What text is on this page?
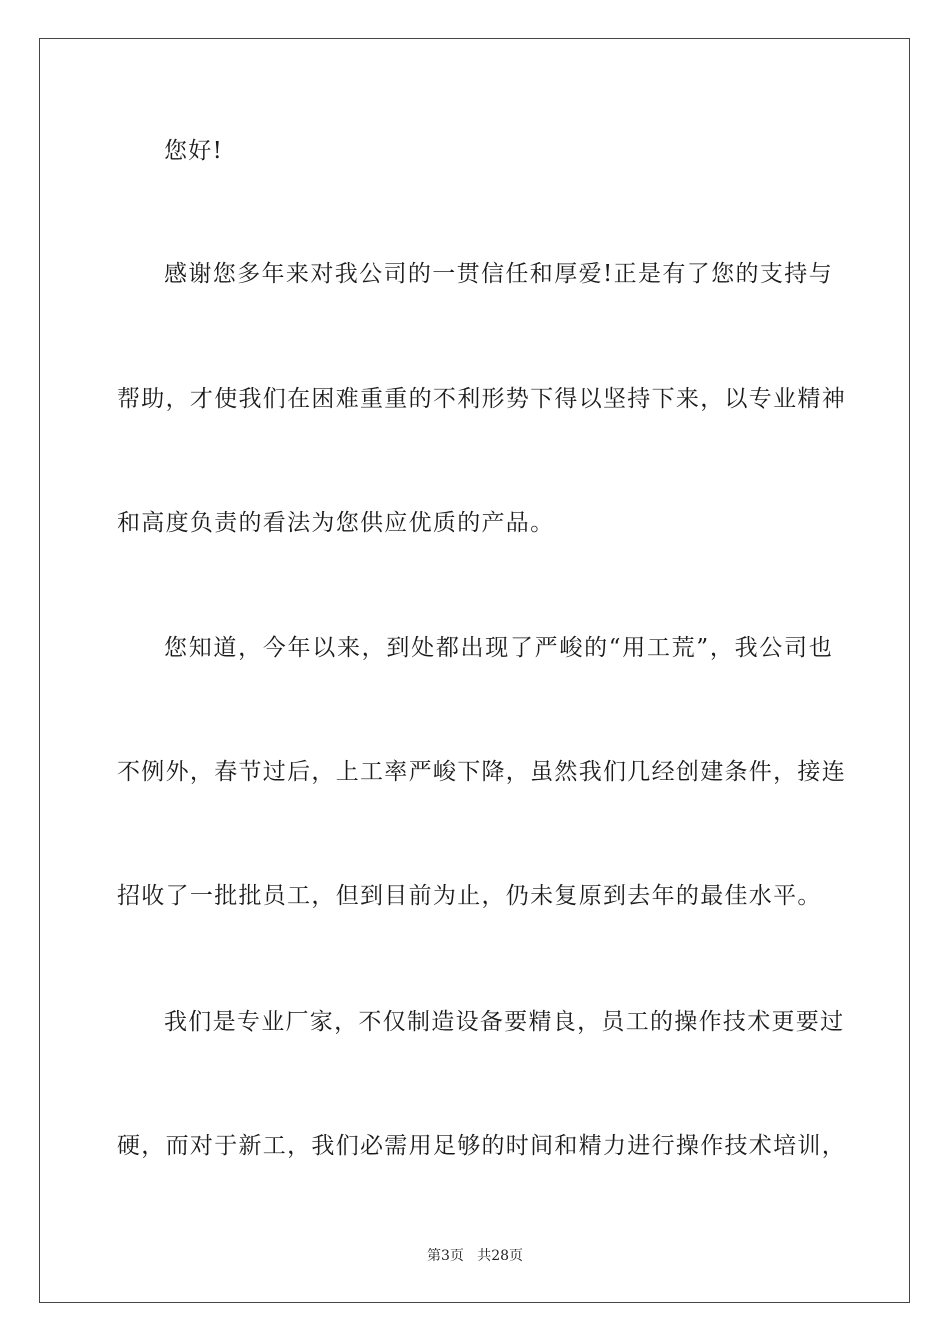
您好!
感谢您多年来对我公司的一贯信任和厚爱!正是有了您的支持与
帮助，才使我们在困难重重的不利形势下得以坚持下来，以专业精神
和高度负责的看法为您供应优质的产品。
您知道，今年以来，到处都出现了严峻的“用工荒”，我公司也
不例外，春节过后，上工率严峻下降，虽然我们几经创建条件，接连
招收了一批批员工，但到目前为止，仍未复原到去年的最佳水平。
我们是专业厂家，不仅制造设备要精良，员工的操作技术更要过
硬，而对于新工，我们必需用足够的时间和精力进行操作技术培训，
第3页   共28页
